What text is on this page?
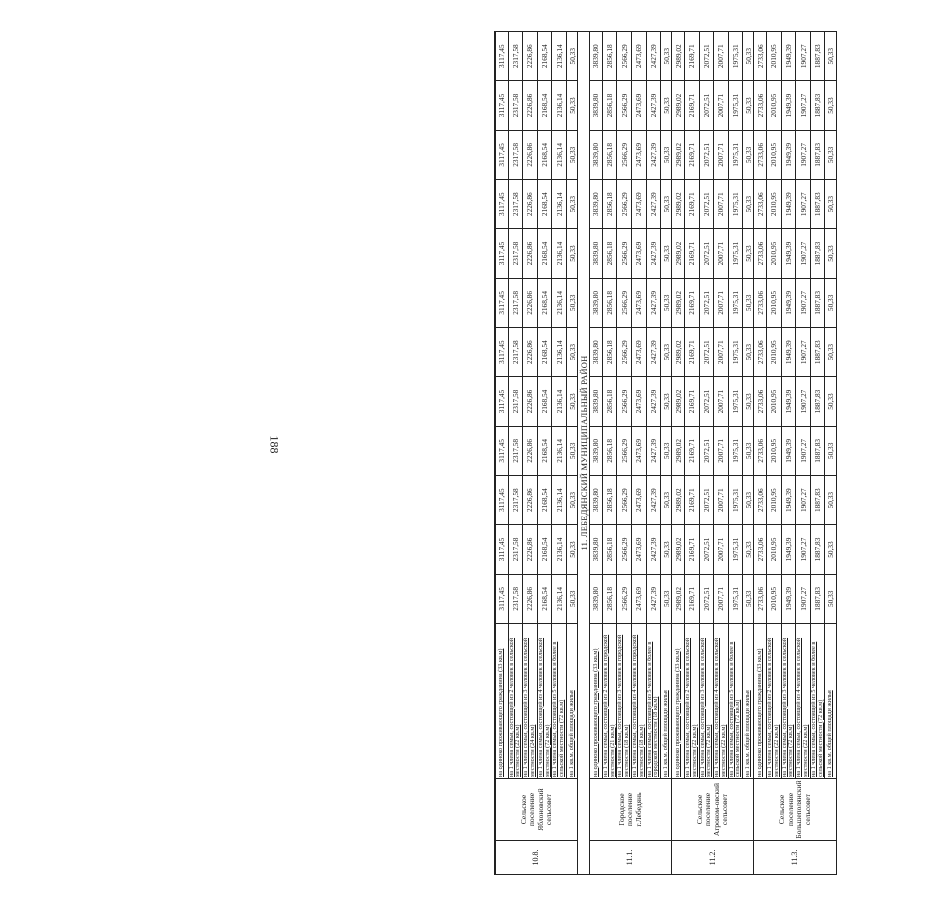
188

10.8.	Сельское поселение Яблоновский сельсовет	на одиноко проживающего гражданина (33 кв.м)	3117,45	3117,45	3117,45	3117,45	3117,45	3117,45	3117,45	3117,45	3117,45	3117,45	3117,45	3117,45
		на 1 члена семьи, состоящей из 2 человек в сельской местности (22 кв.м)	2317,58	2317,58	2317,58	2317,58	2317,58	2317,58	2317,58	2317,58	2317,58	2317,58	2317,58	2317,58
		на 1 члена семьи, состоящей из 3 человек в сельской местности (24 кв.м)	2226,86	2226,86	2226,86	2226,86	2226,86	2226,86	2226,86	2226,86	2226,86	2226,86	2226,86	2226,86
		на 1 члена семьи, состоящей из 4 человек в сельской местности (72 кв.м)	2168,54	2168,54	2168,54	2168,54	2168,54	2168,54	2168,54	2168,54	2168,54	2168,54	2168,54	2168,54
		на 1 члена семьи, состоящей из 5 человек и более в сельской местности (72 кв.м)	2136,14	2136,14	2136,14	2136,14	2136,14	2136,14	2136,14	2136,14	2136,14	2136,14	2136,14	2136,14
		на 1 кв.м. общей площади жилья	50,33	50,33	50,33	50,33	50,33	50,33	50,33	50,33	50,33	50,33	50,33	50,33
11. ЛЕБЕДЯНСКИЙ МУНИЦИПАЛЬНЫЙ РАЙОН														
11.1.	Городское поселение г.Лебедянь	на одиноко проживающего гражданина (33 кв.м)	3839,80	3839,80	3839,80	3839,80	3839,80	3839,80	3839,80	3839,80	3839,80	3839,80	3839,80	3839,80
		на 1 члена семьи, состоящей из 2 человек в городской местности (21 кв.м)	2856,18	2856,18	2856,18	2856,18	2856,18	2856,18	2856,18	2856,18	2856,18	2856,18	2856,18	2856,18
		на 1 члена семьи, состоящей из 3 человек в городской местности (18 кв.м)	2566,29	2566,29	2566,29	2566,29	2566,29	2566,29	2566,29	2566,29	2566,29	2566,29	2566,29	2566,29
		на 1 члена семьи, состоящей из 4 человек в городской местности (18 кв.м)	2473,69	2473,69	2473,69	2473,69	2473,69	2473,69	2473,69	2473,69	2473,69	2473,69	2473,69	2473,69
		на 1 члена семьи, состоящей из 5 человек и более в городской местности (18 кв.м)	2427,39	2427,39	2427,39	2427,39	2427,39	2427,39	2427,39	2427,39	2427,39	2427,39	2427,39	2427,39
		на 1 кв.м. общей площади жилья	50,33	50,33	50,33	50,33	50,33	50,33	50,33	50,33	50,33	50,33	50,33	50,33
11.2.	Сельское поселение Агроном-овский сельсовет	на одиноко проживающего гражданина (33 кв.м)	2989,02	2989,02	2989,02	2989,02	2989,02	2989,02	2989,02	2989,02	2989,02	2989,02	2989,02	2989,02
		на 1 члена семьи, состоящей из 2 человек в сельской местности (22 кв.м)	2169,71	2169,71	2169,71	2169,71	2169,71	2169,71	2169,71	2169,71	2169,71	2169,71	2169,71	2169,71
		на 1 члена семьи, состоящей из 3 человек в сельской местности (72 кв.м)	2072,51	2072,51	2072,51	2072,51	2072,51	2072,51	2072,51	2072,51	2072,51	2072,51	2072,51	2072,51
		на 1 члена семьи, состоящей из 4 человек в сельской местности (22 кв.м)	2007,71	2007,71	2007,71	2007,71	2007,71	2007,71	2007,71	2007,71	2007,71	2007,71	2007,71	2007,71
		на 1 члена семьи, состоящей из 5 человек и более в сельской местности (72 кв.м)	1975,31	1975,31	1975,31	1975,31	1975,31	1975,31	1975,31	1975,31	1975,31	1975,31	1975,31	1975,31
		на 1 кв.м. общей площади жилья	50,33	50,33	50,33	50,33	50,33	50,33	50,33	50,33	50,33	50,33	50,33	50,33
11.3.	Сельское поселение Большеполянский сельсовет	на одиноко проживающего гражданина (33 кв.м)	2733,06	2733,06	2733,06	2733,06	2733,06	2733,06	2733,06	2733,06	2733,06	2733,06	2733,06	2733,06
		на 1 члена семьи, состоящей из 2 человек в сельской местности (22 кв.м)	2010,95	2010,95	2010,95	2010,95	2010,95	2010,95	2010,95	2010,95	2010,95	2010,95	2010,95	2010,95
		на 1 члена семьи, состоящей из 3 человек в сельской местности (72 кв.м)	1949,39	1949,39	1949,39	1949,39	1949,39	1949,39	1949,39	1949,39	1949,39	1949,39	1949,39	1949,39
		на 1 члена семьи, состоящей из 4 человек в сельской местности (22 кв.м)	1907,27	1907,27	1907,27	1907,27	1907,27	1907,27	1907,27	1907,27	1907,27	1907,27	1907,27	1907,27
		на 1 члена семьи, состоящей из 5 человек и более в сельской местности (72 кв.м)	1887,83	1887,83	1887,83	1887,83	1887,83	1887,83	1887,83	1887,83	1887,83	1887,83	1887,83	1887,83
		на 1 кв.м. общей площади жилья	50,33	50,33	50,33	50,33	50,33	50,33	50,33	50,33	50,33	50,33	50,33	50,33
